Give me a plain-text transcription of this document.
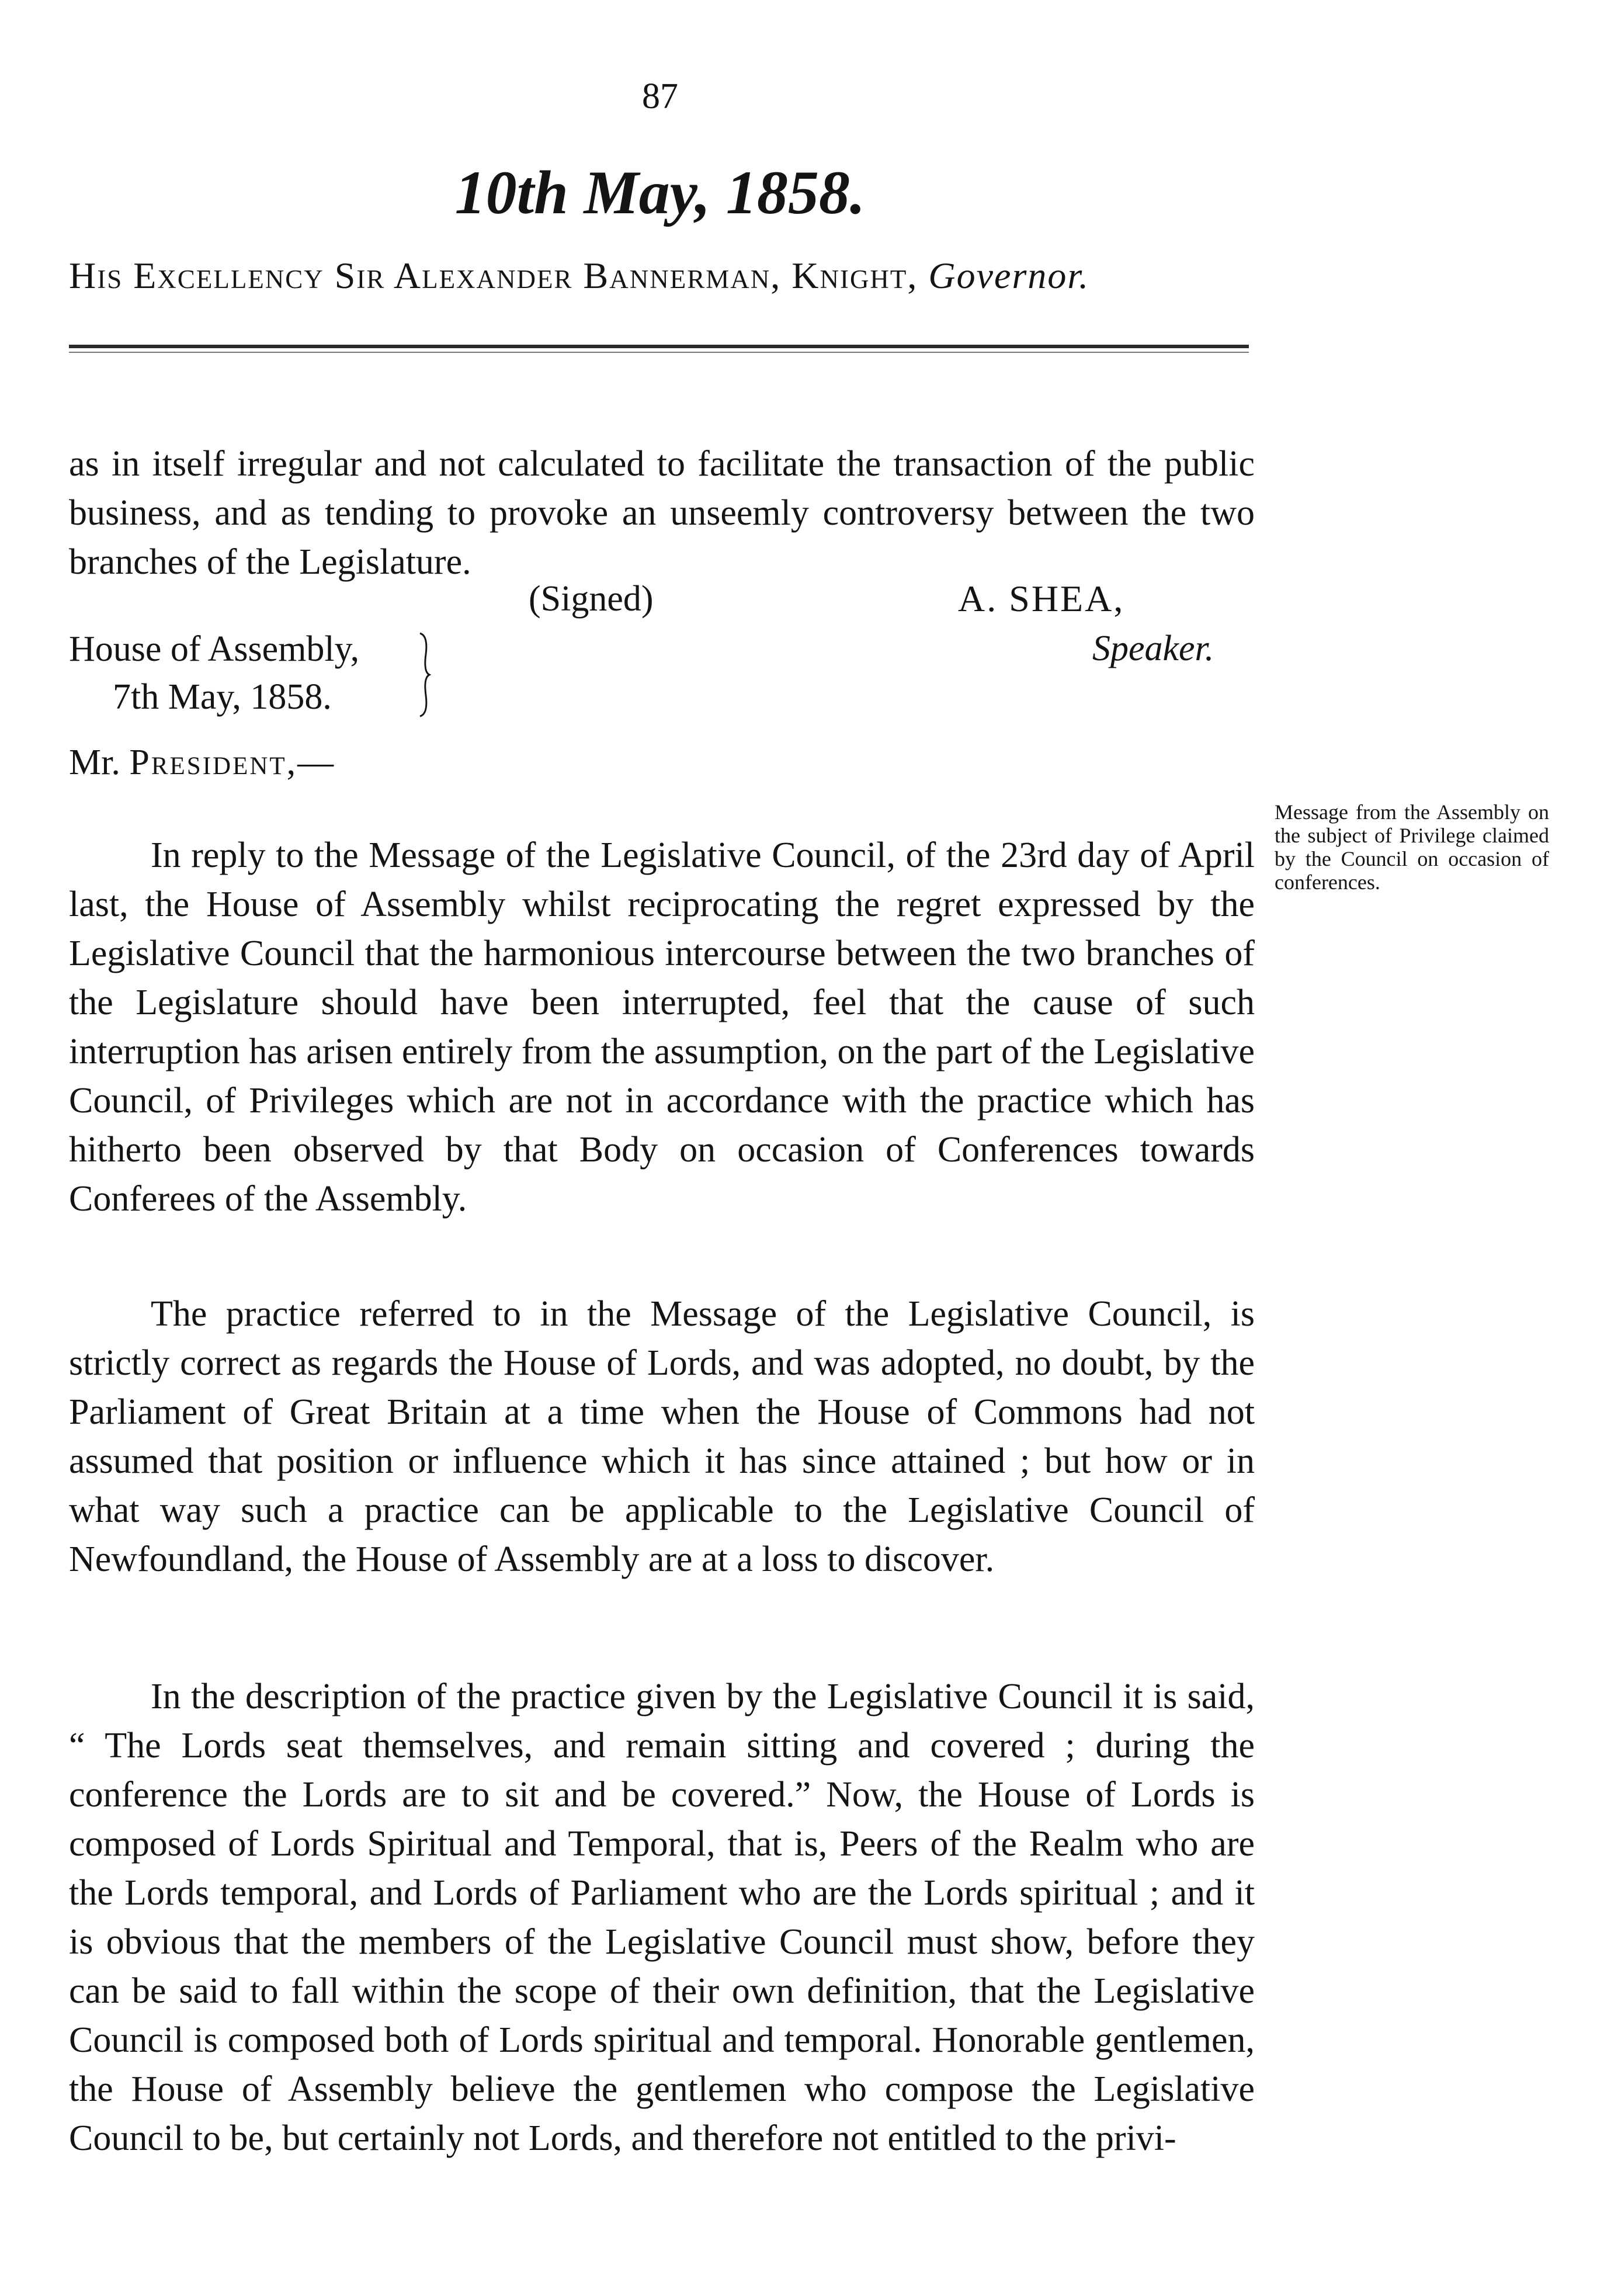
87
10th May, 1858.
His Excellency Sir Alexander Bannerman, Knight, Governor.

as in itself irregular and not calculated to facilitate the transaction of the public business, and as tending to provoke an unseemly controversy between the two branches of the Legislature.

(Signed)	A. SHEA,
Speaker.
House of Assembly,
7th May, 1858.
Mr. President,—

In reply to the Message of the Legislative Council, of the 23rd day of April last, the House of Assembly whilst reciprocating the regret expressed by the Legislative Council that the harmonious intercourse between the two branches of the Legislature should have been interrupted, feel that the cause of such interruption has arisen entirely from the assumption, on the part of the Legislative Council, of Privileges which are not in accordance with the practice which has hitherto been observed by that Body on occasion of Conferences towards Conferees of the Assembly.

The practice referred to in the Message of the Legislative Council, is strictly correct as regards the House of Lords, and was adopted, no doubt, by the Parliament of Great Britain at a time when the House of Commons had not assumed that position or influence which it has since attained ; but how or in what way such a practice can be applicable to the Legislative Council of Newfoundland, the House of Assembly are at a loss to discover.

In the description of the practice given by the Legislative Council it is said, “ The Lords seat themselves, and remain sitting and covered ; during the conference the Lords are to sit and be covered.” Now, the House of Lords is composed of Lords Spiritual and Temporal, that is, Peers of the Realm who are the Lords temporal, and Lords of Parliament who are the Lords spiritual ; and it is obvious that the members of the Legislative Council must show, before they can be said to fall within the scope of their own definition, that the Legislative Council is composed both of Lords spiritual and temporal. Honorable gentlemen, the House of Assembly believe the gentlemen who compose the Legislative Council to be, but certainly not Lords, and therefore not entitled to the privi-

Message from the Assembly on the subject of Privilege claimed by the Council on occasion of conferences.
